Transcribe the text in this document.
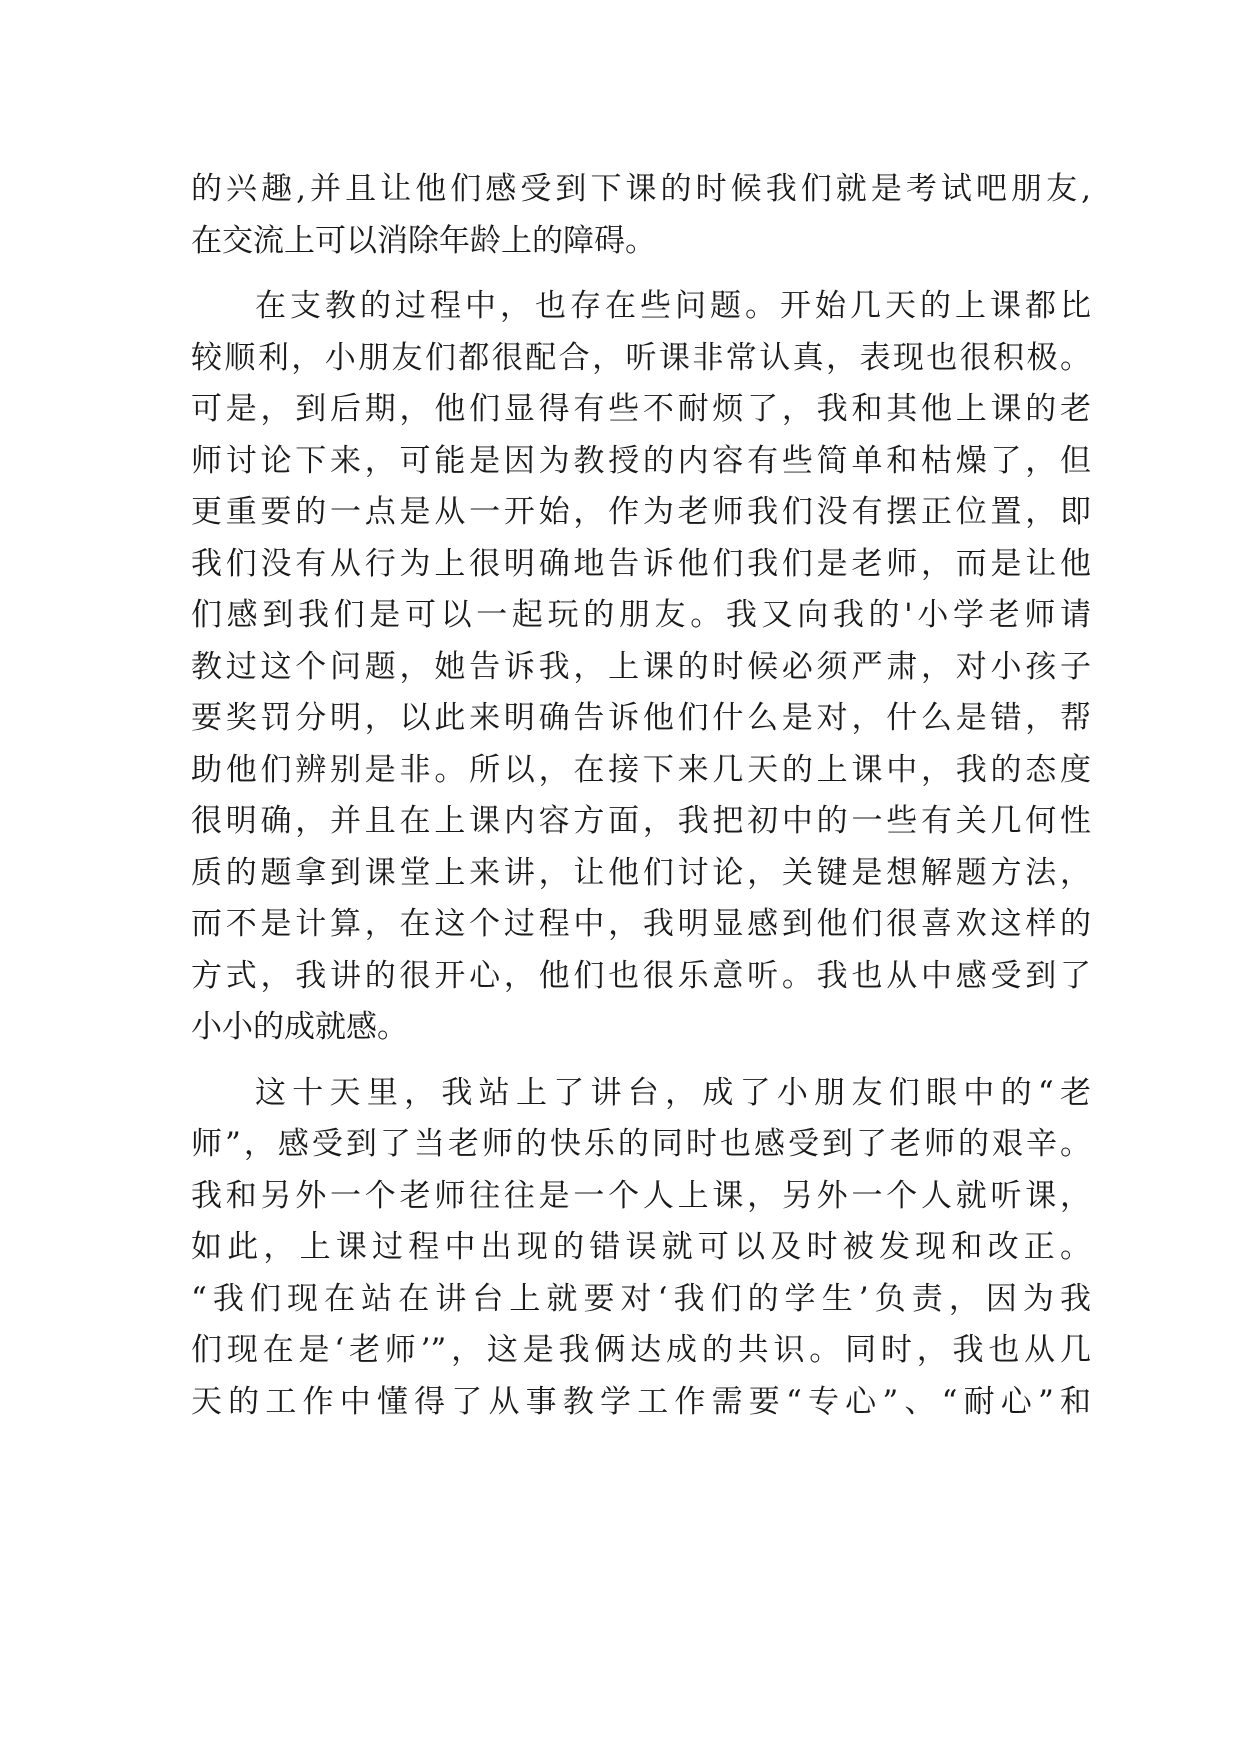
的兴趣,并且让他们感受到下课的时候我们就是考试吧朋友,
在交流上可以消除年龄上的障碍。
在支教的过程中，也存在些问题。开始几天的上课都比
较顺利，小朋友们都很配合，听课非常认真，表现也很积极。
可是，到后期，他们显得有些不耐烦了，我和其他上课的老
师讨论下来，可能是因为教授的内容有些简单和枯燥了，但
更重要的一点是从一开始，作为老师我们没有摆正位置，即
我们没有从行为上很明确地告诉他们我们是老师，而是让他
们感到我们是可以一起玩的朋友。我又向我的'小学老师请
教过这个问题，她告诉我，上课的时候必须严肃，对小孩子
要奖罚分明，以此来明确告诉他们什么是对，什么是错，帮
助他们辨别是非。所以，在接下来几天的上课中，我的态度
很明确，并且在上课内容方面，我把初中的一些有关几何性
质的题拿到课堂上来讲，让他们讨论，关键是想解题方法，
而不是计算，在这个过程中，我明显感到他们很喜欢这样的
方式，我讲的很开心，他们也很乐意听。我也从中感受到了
小小的成就感。
这十天里，我站上了讲台，成了小朋友们眼中的“老
师”，感受到了当老师的快乐的同时也感受到了老师的艰辛。
我和另外一个老师往往是一个人上课，另外一个人就听课，
如此，上课过程中出现的错误就可以及时被发现和改正。
“我们现在站在讲台上就要对‘我们的学生’负责，因为我
们现在是‘老师’”，这是我俩达成的共识。同时，我也从几
天的工作中懂得了从事教学工作需要“专心”、“耐心”和
